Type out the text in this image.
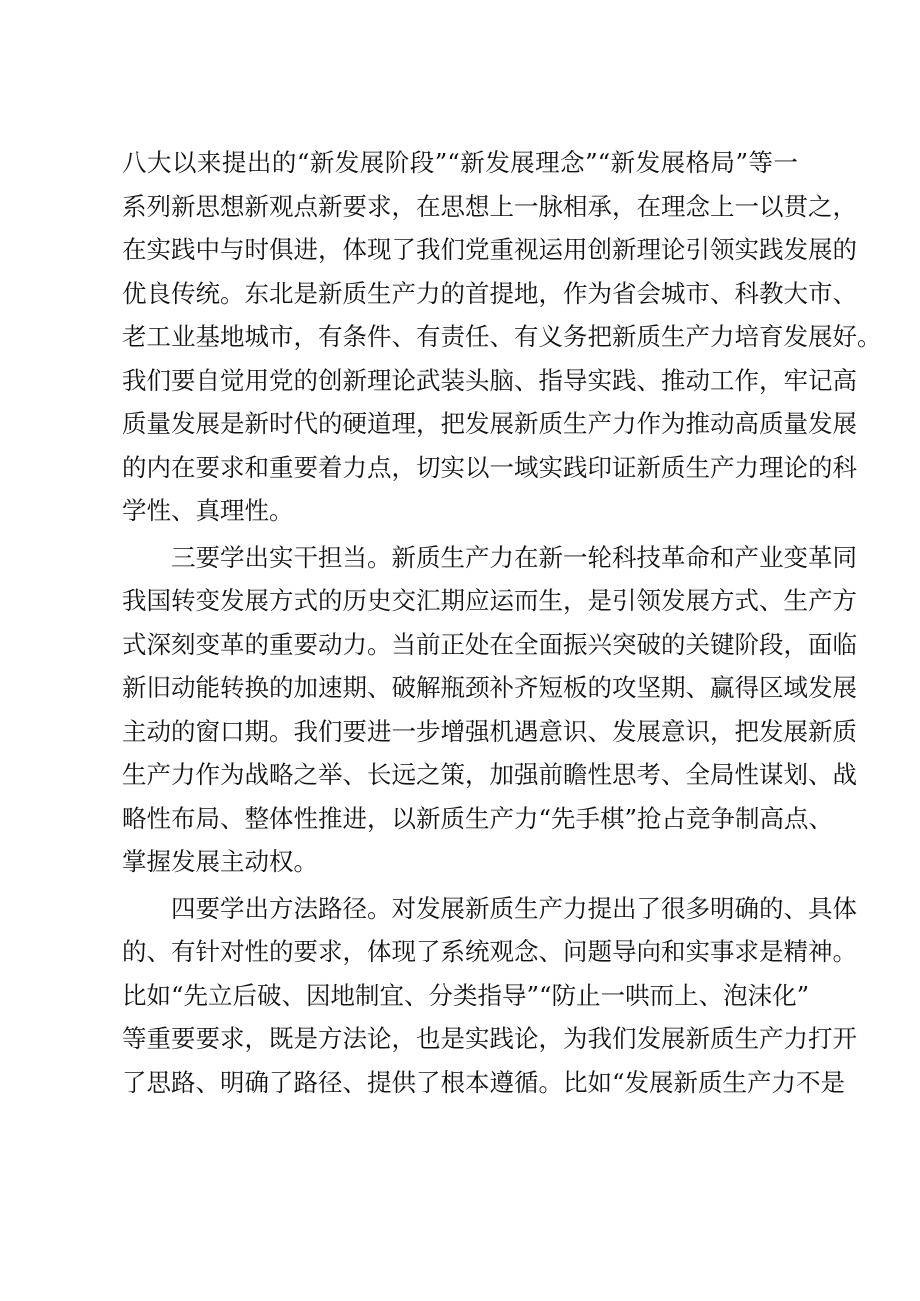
八大以来提出的“新发展阶段”“新发展理念”“新发展格局”等一
系列新思想新观点新要求，在思想上一脉相承，在理念上一以贯之，
在实践中与时俱进，体现了我们党重视运用创新理论引领实践发展的
优良传统。东北是新质生产力的首提地，作为省会城市、科教大市、
老工业基地城市，有条件、有责任、有义务把新质生产力培育发展好。
我们要自觉用党的创新理论武装头脑、指导实践、推动工作，牢记高
质量发展是新时代的硬道理，把发展新质生产力作为推动高质量发展
的内在要求和重要着力点，切实以一域实践印证新质生产力理论的科
学性、真理性。
三要学出实干担当。新质生产力在新一轮科技革命和产业变革同
我国转变发展方式的历史交汇期应运而生，是引领发展方式、生产方
式深刻变革的重要动力。当前正处在全面振兴突破的关键阶段，面临
新旧动能转换的加速期、破解瓶颈补齐短板的攻坚期、赢得区域发展
主动的窗口期。我们要进一步增强机遇意识、发展意识，把发展新质
生产力作为战略之举、长远之策，加强前瞻性思考、全局性谋划、战
略性布局、整体性推进，以新质生产力“先手棋”抢占竞争制高点、
掌握发展主动权。
四要学出方法路径。对发展新质生产力提出了很多明确的、具体
的、有针对性的要求，体现了系统观念、问题导向和实事求是精神。
比如“先立后破、因地制宜、分类指导”“防止一哄而上、泡沫化”
等重要要求，既是方法论，也是实践论，为我们发展新质生产力打开
了思路、明确了路径、提供了根本遵循。比如“发展新质生产力不是
